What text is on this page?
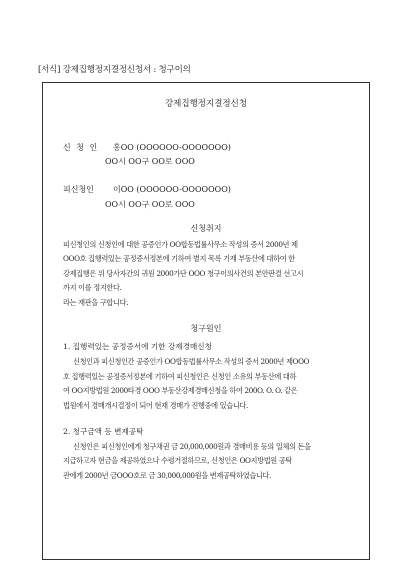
[서식] 강제집행정지결정신청서 : 청구이의
강제집행정지결정신청
신 청 인 홍OO (OOOOOO-OOOOOOO)
OO시 OO구 OO로 OOO
피신청인 이OO (OOOOOO-OOOOOOO)
OO시 OO구 OO로 OOO
신청취지
피신청인의 신청인에 대한 공증인가 OO합동법률사무소 작성의 증서 2000년 제
OOO호 집행력있는 공정증서정본에 기하여 별지 목록 기재 부동산에 대하여 한
강제집행은 위 당사자간의 귀원 2000가단 OOO 청구이의사건의 본안판결 선고시
까지 이를 정지한다.
라는 재판을 구합니다.
청구원인
1. 집행력있는 공정증서에 기한 강제경매신청
신청인과 피신청인간 공증인가 OO합동법률사무소 작성의 증서 2000년 제OOO
호 집행력있는 공정증서정본에 기하여 피신청인은 신청인 소유의 부동산에 대하
여 OO지방법원 2000타경 OOO 부동산강제경매신청을 하여 200O. O. O. 같은
법원에서 경매개시결정이 되어 현재 경매가 진행중에 있습니다.
2. 청구금액 등 변제공탁
신청인은 피신청인에게 청구채권 금 20,000,000원과 경매비용 등의 일체의 돈을
지급하고자 현금을 제공하였으나 수령거절하므로, 신청인은 OO지방법원 공탁
관에게 2000년 금OOO호로 금 30,000,000원을 변제공탁하였습니다.
